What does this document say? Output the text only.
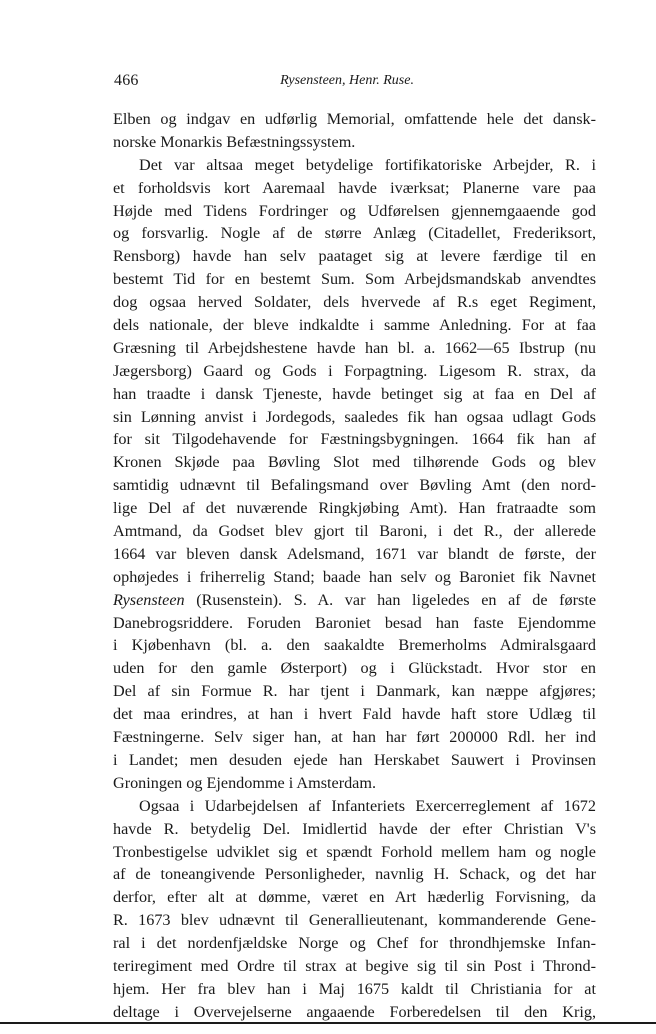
466	Rysensteen, Henr. Ruse.
Elben og indgav en udførlig Memorial, omfattende hele det dansk-
norske Monarkis Befæstningssystem.
Det var altsaa meget betydelige fortifikatoriske Arbejder, R. i
et forholdsvis kort Aaremaal havde iværksat; Planerne vare paa
Højde med Tidens Fordringer og Udførelsen gjennemgaaende god
og forsvarlig. Nogle af de større Anlæg (Citadellet, Frederiksort,
Rensborg) havde han selv paataget sig at levere færdige til en
bestemt Tid for en bestemt Sum. Som Arbejdsmandskab anvendtes
dog ogsaa herved Soldater, dels hvervede af R.s eget Regiment,
dels nationale, der bleve indkaldte i samme Anledning. For at faa
Græsning til Arbejdshestene havde han bl. a. 1662—65 Ibstrup (nu
Jægersborg) Gaard og Gods i Forpagtning. Ligesom R. strax, da
han traadte i dansk Tjeneste, havde betinget sig at faa en Del af
sin Lønning anvist i Jordegods, saaledes fik han ogsaa udlagt Gods
for sit Tilgodehavende for Fæstningsbygningen. 1664 fik han af
Kronen Skjøde paa Bøvling Slot med tilhørende Gods og blev
samtidig udnævnt til Befalingsmand over Bøvling Amt (den nord-
lige Del af det nuværende Ringkjøbing Amt). Han fratraadte som
Amtmand, da Godset blev gjort til Baroni, i det R., der allerede
1664 var bleven dansk Adelsmand, 1671 var blandt de første, der
ophøjedes i friherrelig Stand; baade han selv og Baroniet fik Navnet
Rysensteen (Rusenstein). S. A. var han ligeledes en af de første
Danebrogsriddere. Foruden Baroniet besad han faste Ejendomme
i Kjøbenhavn (bl. a. den saakaldte Bremerholms Admiralsgaard
uden for den gamle Østerport) og i Glückstadt. Hvor stor en
Del af sin Formue R. har tjent i Danmark, kan næppe afgjøres;
det maa erindres, at han i hvert Fald havde haft store Udlæg til
Fæstningerne. Selv siger han, at han har ført 200000 Rdl. her ind
i Landet; men desuden ejede han Herskabet Sauwert i Provinsen
Groningen og Ejendomme i Amsterdam.
Ogsaa i Udarbejdelsen af Infanteriets Exercerreglement af 1672
havde R. betydelig Del. Imidlertid havde der efter Christian V's
Tronbestigelse udviklet sig et spændt Forhold mellem ham og nogle
af de toneangivende Personligheder, navnlig H. Schack, og det har
derfor, efter alt at dømme, været en Art hæderlig Forvisning, da
R. 1673 blev udnævnt til Generallieutenant, kommanderende Gene-
ral i det nordenfjældske Norge og Chef for throndhjemske Infan-
teriregiment med Ordre til strax at begive sig til sin Post i Thrond-
hjem. Her fra blev han i Maj 1675 kaldt til Christiania for at
deltage i Overvejelserne angaaende Forberedelsen til den Krig,
